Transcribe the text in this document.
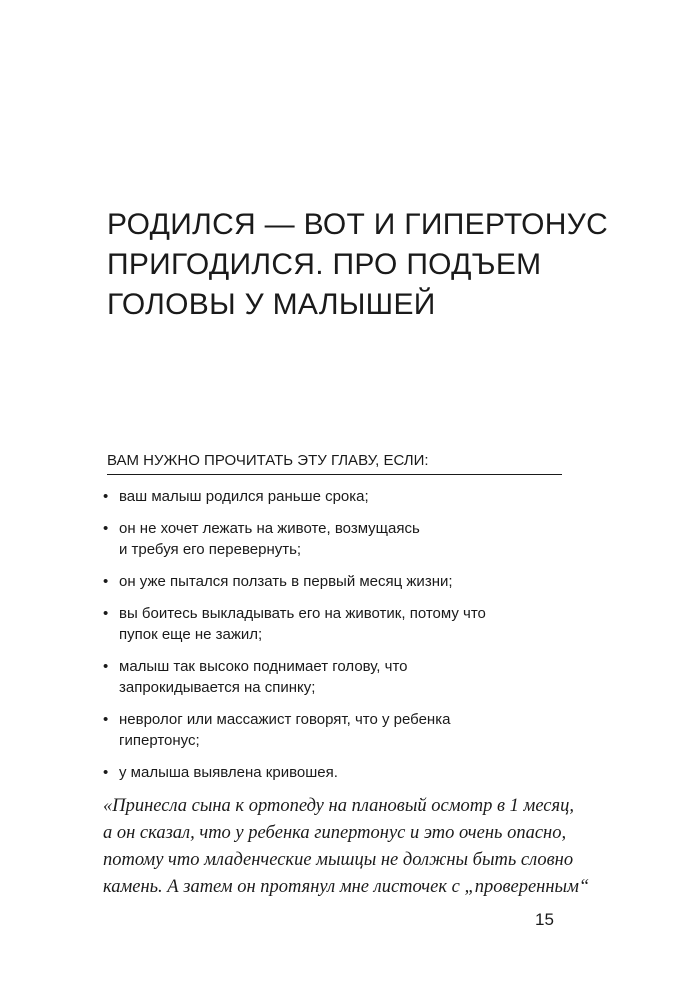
РОДИЛСЯ — ВОТ И ГИПЕРТОНУС
ПРИГОДИЛСЯ. ПРО ПОДЪЕМ
ГОЛОВЫ У МАЛЫШЕЙ
ВАМ НУЖНО ПРОЧИТАТЬ ЭТУ ГЛАВУ, ЕСЛИ:
• ваш малыш родился раньше срока;
• он не хочет лежать на животе, возмущаясь
и требуя его перевернуть;
• он уже пытался ползать в первый месяц жизни;
• вы боитесь выкладывать его на животик, потому что
пупок еще не зажил;
• малыш так высоко поднимает голову, что
запрокидывается на спинку;
• невролог или массажист говорят, что у ребенка
гипертонус;
• у малыша выявлена кривошея.

«Принесла сына к ортопеду на плановый осмотр в 1 месяц,
а он сказал, что у ребенка гипертонус и это очень опасно,
потому что младенческие мышцы не должны быть словно
камень. А затем он протянул мне листочек с „проверенным“

15
